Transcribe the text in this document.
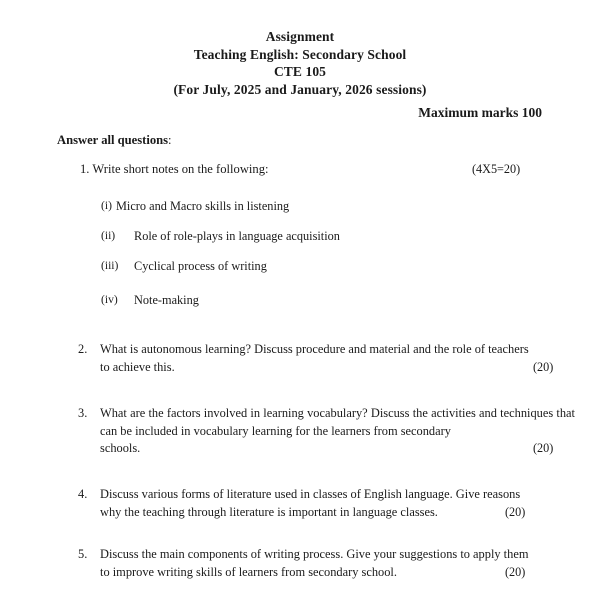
Assignment
Teaching English: Secondary School
CTE 105
(For July, 2025 and January, 2026 sessions)
Maximum marks 100
Answer all questions:
1. Write short notes on the following:	(4X5=20)
(i) Micro and Macro skills in listening
(ii)	Role of role-plays in language acquisition
(iii)	Cyclical process of writing
(iv)	Note-making
2.	What is autonomous learning? Discuss procedure and material and the role of teachers
to achieve this.	(20)
3.	What are the factors involved in learning vocabulary? Discuss the activities and techniques that can be included in vocabulary learning for the learners from secondary
schools.	(20)
4.	Discuss various forms of literature used in classes of English language. Give reasons
why the teaching through literature is important in language classes.	(20)
5.	Discuss the main components of writing process. Give your suggestions to apply them
to improve writing skills of learners from secondary school.	(20)
